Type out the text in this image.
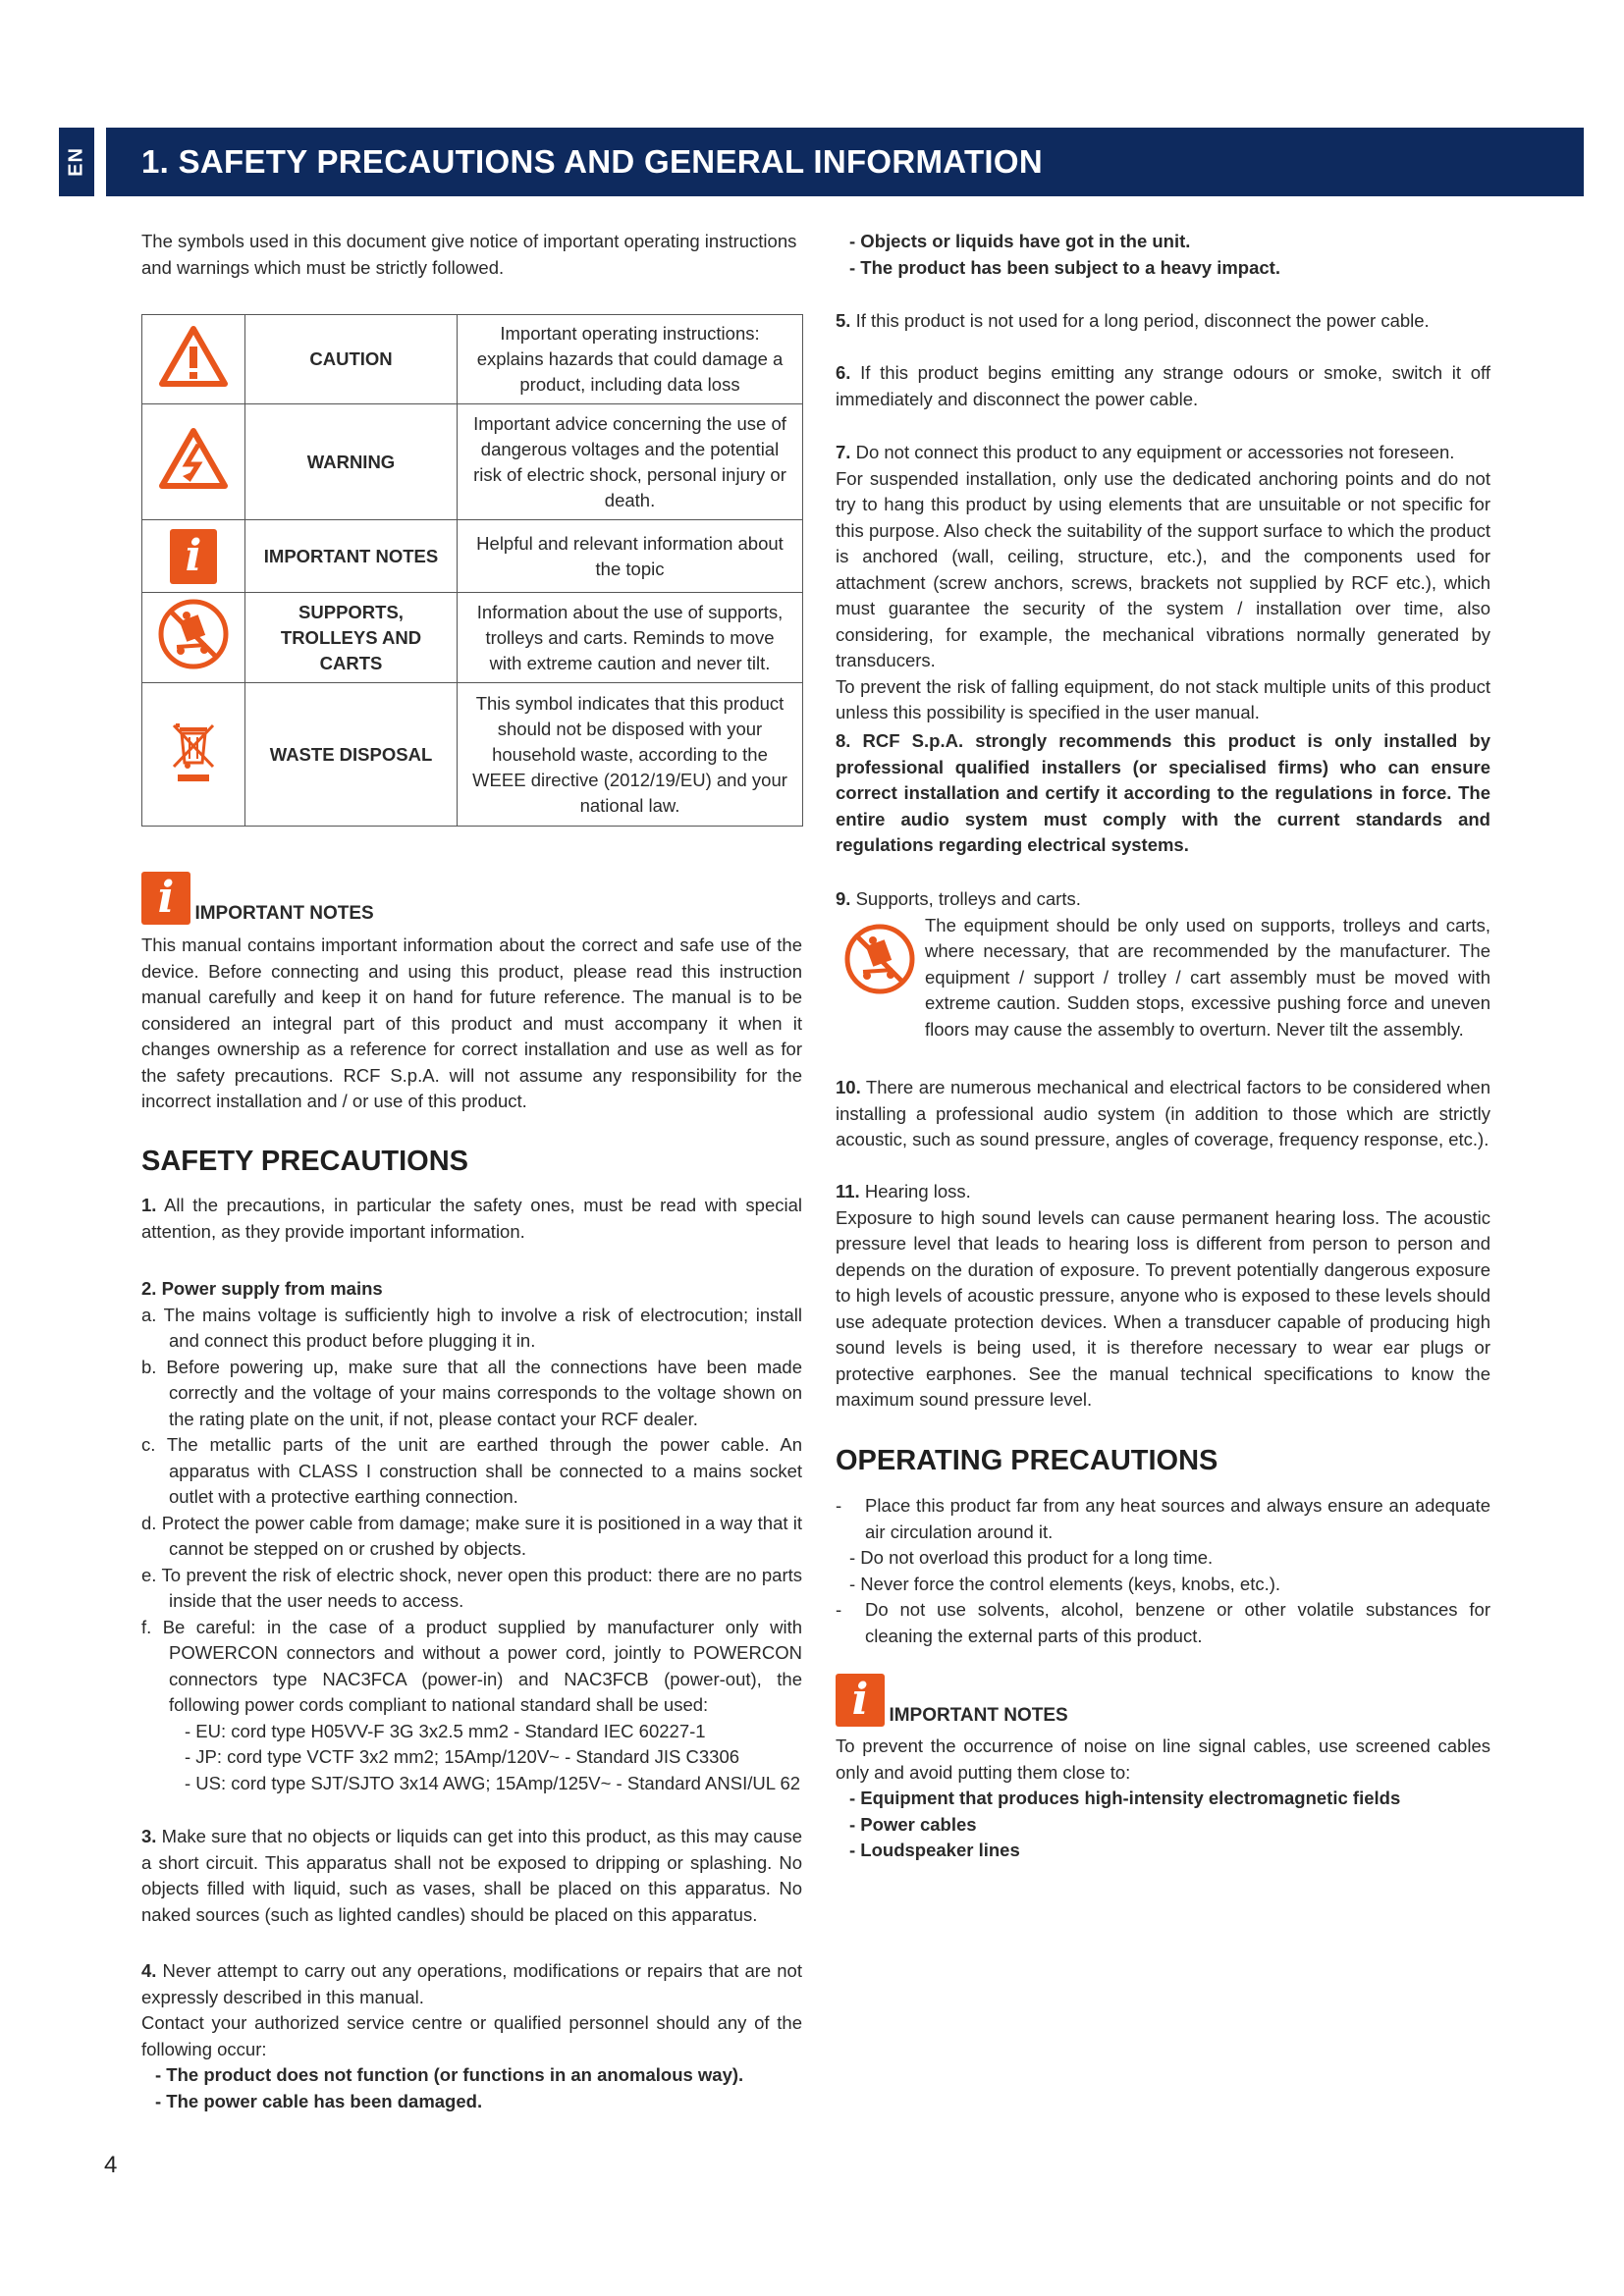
EN 1. SAFETY PRECAUTIONS AND GENERAL INFORMATION

The symbols used in this document give notice of important operating instructions and warnings which must be strictly followed.

	CAUTION	Important operating instructions: explains hazards that could damage a product, including data loss
	WARNING	Important advice concerning the use of dangerous voltages and the potential risk of electric shock, personal injury or death.
i	IMPORTANT NOTES	Helpful and relevant information about the topic
	SUPPORTS, TROLLEYS AND CARTS	Information about the use of supports, trolleys and carts. Reminds to move with extreme caution and never tilt.
	WASTE DISPOSAL	This symbol indicates that this product should not be disposed with your household waste, according to the WEEE directive (2012/19/EU) and your national law.
i IMPORTANT NOTES

This manual contains important information about the correct and safe use of the device. Before connecting and using this product, please read this instruction manual carefully and keep it on hand for future reference. The manual is to be considered an integral part of this product and must accompany it when it changes ownership as a reference for correct installation and use as well as for the safety precautions. RCF S.p.A. will not assume any responsibility for the incorrect installation and / or use of this product.

SAFETY PRECAUTIONS

1. All the precautions, in particular the safety ones, must be read with special attention, as they provide important information.

2. Power supply from mains

a. The mains voltage is sufficiently high to involve a risk of electrocution; install and connect this product before plugging it in.
b. Before powering up, make sure that all the connections have been made correctly and the voltage of your mains corresponds to the voltage shown on the rating plate on the unit, if not, please contact your RCF dealer.
c. The metallic parts of the unit are earthed through the power cable. An apparatus with CLASS I construction shall be connected to a mains socket outlet with a protective earthing connection.
d. Protect the power cable from damage; make sure it is positioned in a way that it cannot be stepped on or crushed by objects.
e. To prevent the risk of electric shock, never open this product: there are no parts inside that the user needs to access.
f. Be careful: in the case of a product supplied by manufacturer only with POWERCON connectors and without a power cord, jointly to POWERCON connectors type NAC3FCA (power-in) and NAC3FCB (power-out), the following power cords compliant to national standard shall be used:
- EU: cord type H05VV-F 3G 3x2.5 mm2 - Standard IEC 60227-1
- JP: cord type VCTF 3x2 mm2; 15Amp/120V~ - Standard JIS C3306
- US: cord type SJT/SJTO 3x14 AWG; 15Amp/125V~ - Standard ANSI/UL 62

3. Make sure that no objects or liquids can get into this product, as this may cause a short circuit. This apparatus shall not be exposed to dripping or splashing. No objects filled with liquid, such as vases, shall be placed on this apparatus. No naked sources (such as lighted candles) should be placed on this apparatus.

4. Never attempt to carry out any operations, modifications or repairs that are not expressly described in this manual.

Contact your authorized service centre or qualified personnel should any of the following occur:

- The product does not function (or functions in an anomalous way).
- The power cable has been damaged.
- Objects or liquids have got in the unit.
- The product has been subject to a heavy impact.

5. If this product is not used for a long period, disconnect the power cable.

6. If this product begins emitting any strange odours or smoke, switch it off immediately and disconnect the power cable.

7. Do not connect this product to any equipment or accessories not foreseen.

For suspended installation, only use the dedicated anchoring points and do not try to hang this product by using elements that are unsuitable or not specific for this purpose. Also check the suitability of the support surface to which the product is anchored (wall, ceiling, structure, etc.), and the components used for attachment (screw anchors, screws, brackets not supplied by RCF etc.), which must guarantee the security of the system / installation over time, also considering, for example, the mechanical vibrations normally generated by transducers.

To prevent the risk of falling equipment, do not stack multiple units of this product unless this possibility is specified in the user manual.

8. RCF S.p.A. strongly recommends this product is only installed by professional qualified installers (or specialised firms) who can ensure correct installation and certify it according to the regulations in force. The entire audio system must comply with the current standards and regulations regarding electrical systems.

9. Supports, trolleys and carts.

The equipment should be only used on supports, trolleys and carts, where necessary, that are recommended by the manufacturer. The equipment / support / trolley / cart assembly must be moved with extreme caution. Sudden stops, excessive pushing force and uneven floors may cause the assembly to overturn. Never tilt the assembly.

10. There are numerous mechanical and electrical factors to be considered when installing a professional audio system (in addition to those which are strictly acoustic, such as sound pressure, angles of coverage, frequency response, etc.).

11. Hearing loss.

Exposure to high sound levels can cause permanent hearing loss. The acoustic pressure level that leads to hearing loss is different from person to person and depends on the duration of exposure. To prevent potentially dangerous exposure to high levels of acoustic pressure, anyone who is exposed to these levels should use adequate protection devices. When a transducer capable of producing high sound levels is being used, it is therefore necessary to wear ear plugs or protective earphones. See the manual technical specifications to know the maximum sound pressure level.

OPERATING PRECAUTIONS
- Place this product far from any heat sources and always ensure an adequate air circulation around it.
- Do not overload this product for a long time.
- Never force the control elements (keys, knobs, etc.).
- Do not use solvents, alcohol, benzene or other volatile substances for cleaning the external parts of this product.
i IMPORTANT NOTES

To prevent the occurrence of noise on line signal cables, use screened cables only and avoid putting them close to:

- Equipment that produces high-intensity electromagnetic fields
- Power cables
- Loudspeaker lines
4
